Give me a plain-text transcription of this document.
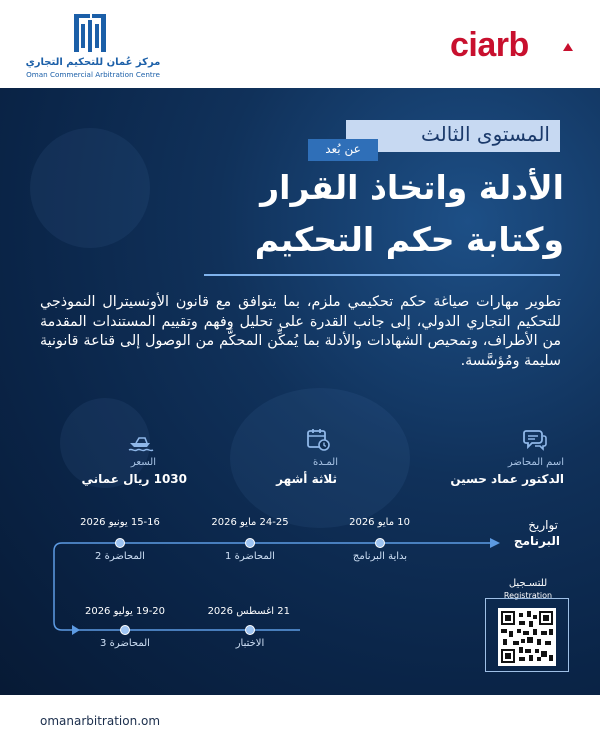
مركز عُمان للتحكيم التجاري
Oman Commercial Arbitration Centre
ciarb
المستوى الثالث
عن بُعد
الأدلة واتخاذ القرار
وكتابة حكم التحكيم
تطوير مهارات صياغة حكم تحكيمي ملزم، بما يتوافق مع قانون الأونسيترال النموذجي للتحكيم التجاري الدولي، إلى جانب القدرة على تحليل وفهم وتقييم المستندات المقدمة من الأطراف، وتمحيص الشهادات والأدلة بما يُمكِّن المحكَّم من الوصول إلى قناعة قانونية سليمة ومُؤسَّسة.
اسم المحاضر
الدكتور عماد حسين
المـدة
ثلاثة أشهر
السعر
1030 ريال عماني
تواريخ
البرنامج
10 مايو 2026
بداية البرنامج
24-25 مايو 2026
المحاضرة 1
15-16 يونيو 2026
المحاضرة 2
21 اغسطس 2026
الاختبار
19-20 يوليو 2026
المحاضرة 3
للتسـجيل
Registration
omanarbitration.om
